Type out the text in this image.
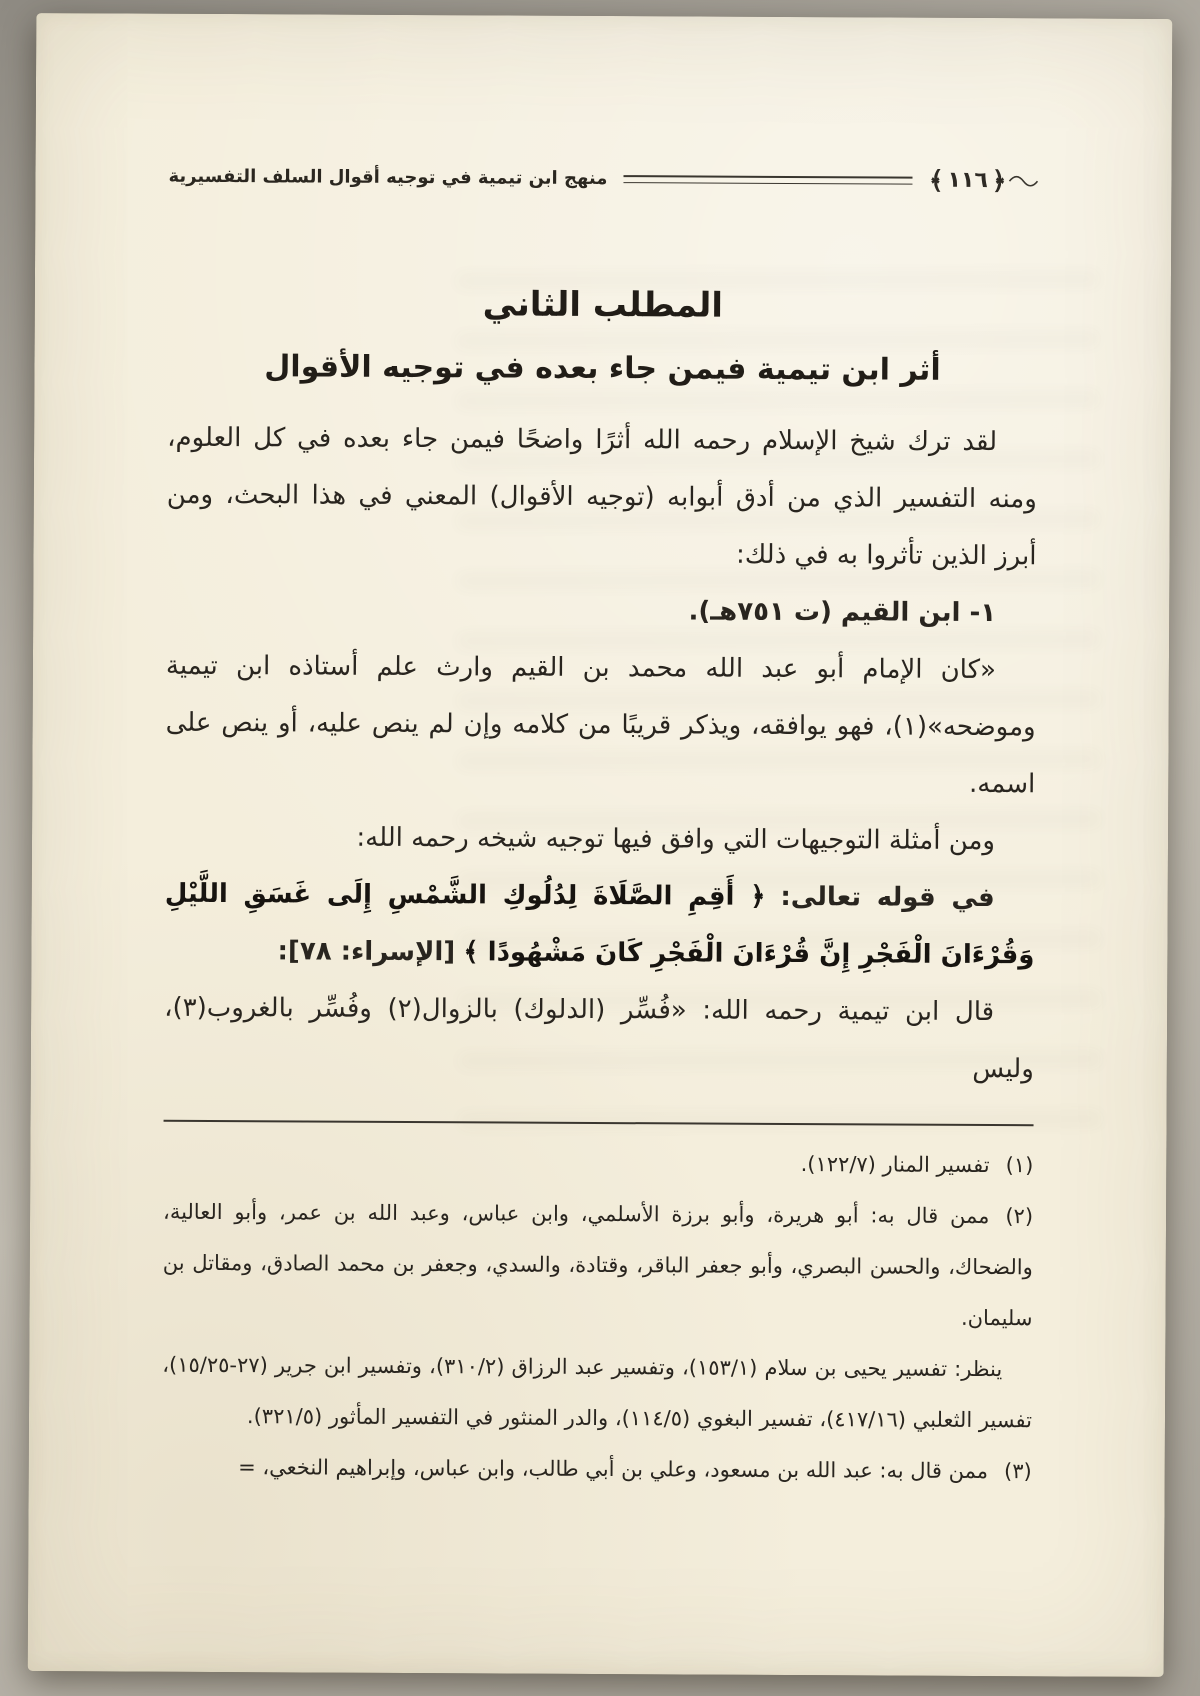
﴿
١١٦
﴾
منهج ابن تيمية في توجيه أقوال السلف التفسيرية
المطلب الثاني
أثر ابن تيمية فيمن جاء بعده في توجيه الأقوال

لقد ترك شيخ الإسلام رحمه الله أثرًا واضحًا فيمن جاء بعده في كل العلوم، ومنه التفسير الذي من أدق أبوابه (توجيه الأقوال) المعني في هذا البحث، ومن أبرز الذين تأثروا به في ذلك:

١- ابن القيم (ت ٧٥١هـ).

«كان الإمام أبو عبد الله محمد بن القيم وارث علم أستاذه ابن تيمية وموضحه»(١)، فهو يوافقه، ويذكر قريبًا من كلامه وإن لم ينص عليه، أو ينص على اسمه.

ومن أمثلة التوجيهات التي وافق فيها توجيه شيخه رحمه الله:

في قوله تعالى: ﴿ أَقِمِ الصَّلَاةَ لِدُلُوكِ الشَّمْسِ إِلَى غَسَقِ اللَّيْلِ وَقُرْءَانَ الْفَجْرِ إِنَّ قُرْءَانَ الْفَجْرِ كَانَ مَشْهُودًا ﴾ [الإسراء: ٧٨]:

قال ابن تيمية رحمه الله: «فُسِّر (الدلوك) بالزوال(٢) وفُسِّر بالغروب(٣)، وليس

(١)تفسير المنار (١٢٢/٧).

(٢)ممن قال به: أبو هريرة، وأبو برزة الأسلمي، وابن عباس، وعبد الله بن عمر، وأبو العالية، والضحاك، والحسن البصري، وأبو جعفر الباقر، وقتادة، والسدي، وجعفر بن محمد الصادق، ومقاتل بن سليمان.

ينظر: تفسير يحيى بن سلام (١٥٣/١)، وتفسير عبد الرزاق (٣١٠/٢)، وتفسير ابن جرير (١٥/٢٥‎-‎٢٧)، تفسير الثعلبي (٤١٧/١٦)، تفسير البغوي (١١٤/٥)، والدر المنثور في التفسير المأثور (٣٢١/٥).

(٣)ممن قال به: عبد الله بن مسعود، وعلي بن أبي طالب، وابن عباس، وإبراهيم النخعي، =
